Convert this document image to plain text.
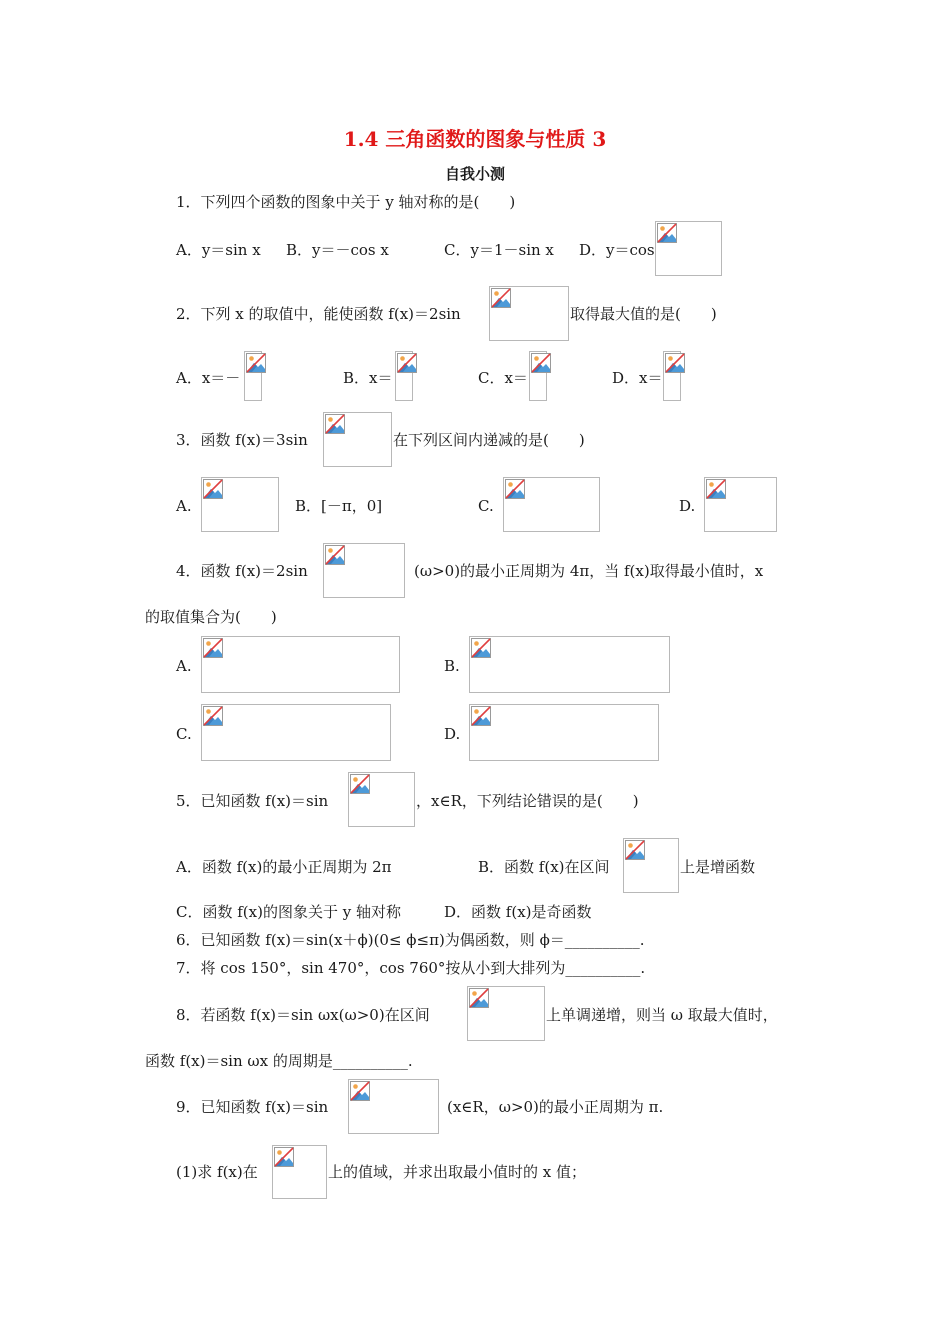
1.4 三角函数的图象与性质 3
自我小测
1．下列四个函数的图象中关于 y 轴对称的是(　　)
A．y＝sin x B．y＝－cos x	C．y＝1－sin x D．y＝cos
2．下列 x 的取值中，能使函数 f(x)＝2sin	取得最大值的是(　　)
A．x＝－	B．x＝	C．x＝	D．x＝
3．函数 f(x)＝3sin	在下列区间内递减的是(　　)
A.	B．[－π，0]	C.	D.
4．函数 f(x)＝2sin	(ω>0)的最小正周期为 4π，当 f(x)取得最小值时，x
的取值集合为(　　)
A.	B.
C.	D.
5．已知函数 f(x)＝sin	，x∈R，下列结论错误的是(　　)
A．函数 f(x)的最小正周期为 2π	B．函数 f(x)在区间	上是增函数
C．函数 f(x)的图象关于 y 轴对称	D．函数 f(x)是奇函数
6．已知函数 f(x)＝sin(x＋ϕ)(0≤ ϕ≤π)为偶函数，则 ϕ＝__________.
7．将 cos 150°，sin 470°，cos 760°按从小到大排列为__________.
8．若函数 f(x)＝sin ωx(ω>0)在区间	上单调递增，则当 ω 取最大值时，
函数 f(x)＝sin ωx 的周期是__________.
9．已知函数 f(x)＝sin	(x∈R，ω>0)的最小正周期为 π.
(1)求 f(x)在	上的值域，并求出取最小值时的 x 值；
